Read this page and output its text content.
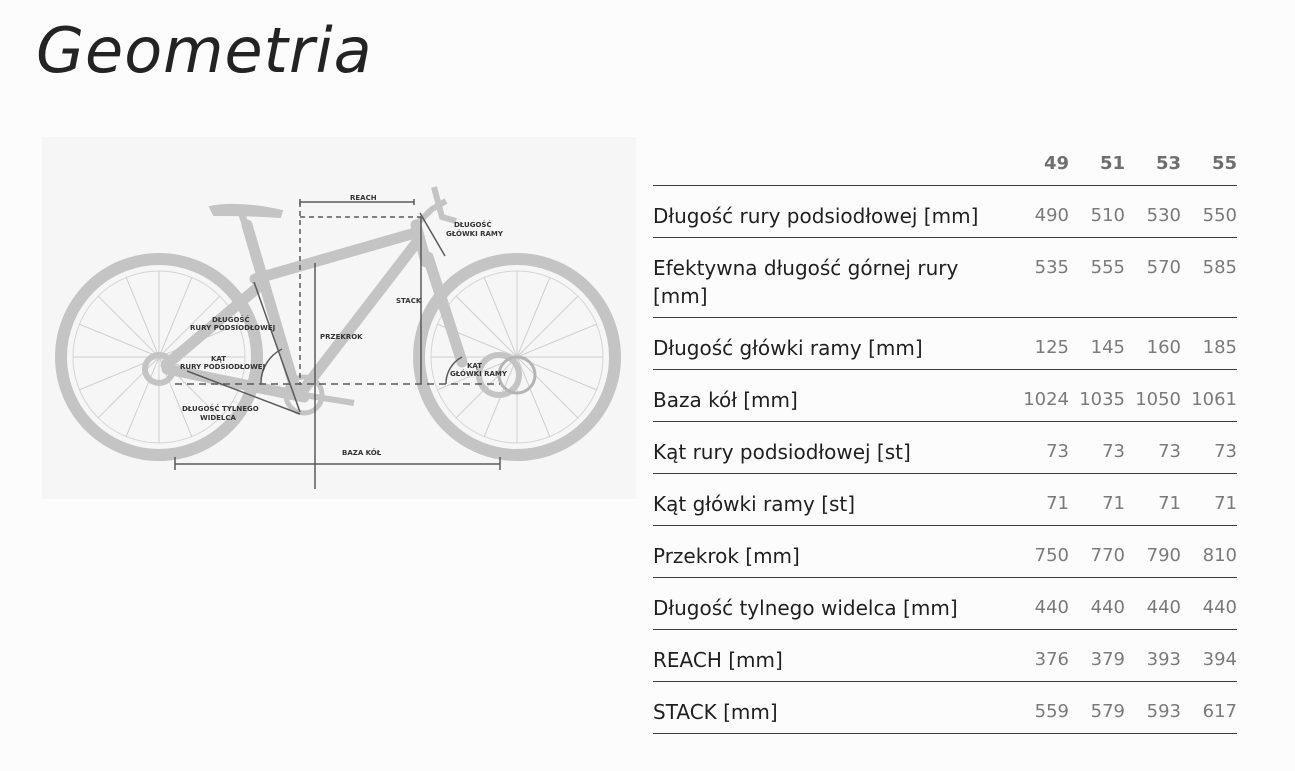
Geometria
REACH
DŁUGOŚĆ
GŁÓWKI RAMY
STACK
DŁUGOŚĆ
RURY PODSIODŁOWEJ
PRZEKROK
KĄT
RURY PODSIODŁOWEJ	KĄT
GŁÓWKI RAMY
DŁUGOŚĆ TYLNEGO
WIDELCA
BAZA KÓŁ
	49	51	53	55
Długość rury podsiodłowej [mm]	490	510	530	550
Efektywna długość górnej rury [mm]	535	555	570	585
Długość główki ramy [mm]	125	145	160	185
Baza kół [mm]	1024	1035	1050	1061
Kąt rury podsiodłowej [st]	73	73	73	73
Kąt główki ramy [st]	71	71	71	71
Przekrok [mm]	750	770	790	810
Długość tylnego widelca [mm]	440	440	440	440
REACH [mm]	376	379	393	394
STACK [mm]	559	579	593	617
